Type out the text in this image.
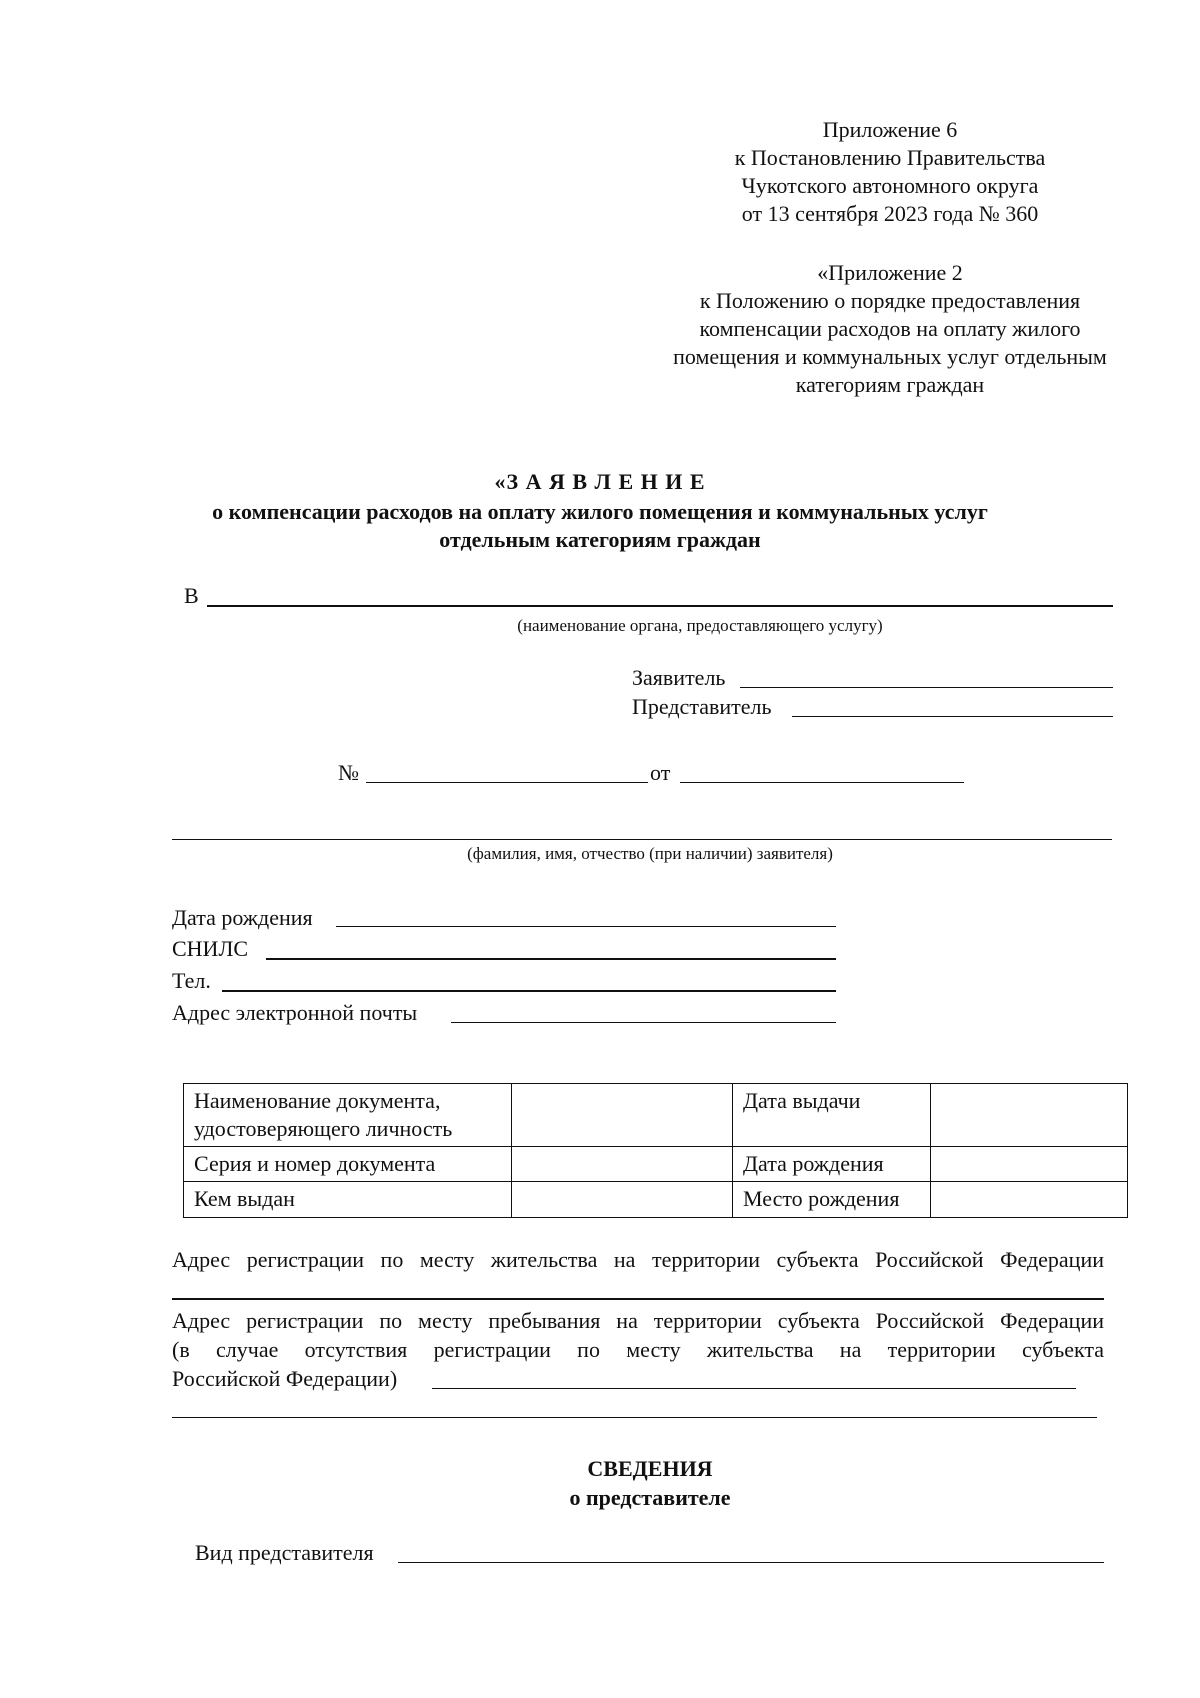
Приложение 6
к Постановлению Правительства
Чукотского автономного округа
от 13 сентября 2023 года № 360
«Приложение 2
к Положению о порядке предоставления
компенсации расходов на оплату жилого
помещения и коммунальных услуг отдельным
категориям граждан
«З А Я В Л Е Н И Е
о компенсации расходов на оплату жилого помещения и коммунальных услуг
отдельным категориям граждан
В
(наименование органа, предоставляющего услугу)
Заявитель
Представитель
№	от
(фамилия, имя, отчество (при наличии) заявителя)
Дата рождения
СНИЛС
Тел.
Адрес электронной почты
Наименование документа, удостоверяющего личность		Дата выдачи	
Серия и номер документа		Дата рождения	
Кем выдан		Место рождения	
Адрес регистрации по месту жительства на территории субъекта Российской Федерации
Адрес регистрации по месту пребывания на территории субъекта Российской Федерации
(в случае отсутствия регистрации по месту жительства на территории субъекта
Российской Федерации)
СВЕДЕНИЯ
о представителе
Вид представителя
